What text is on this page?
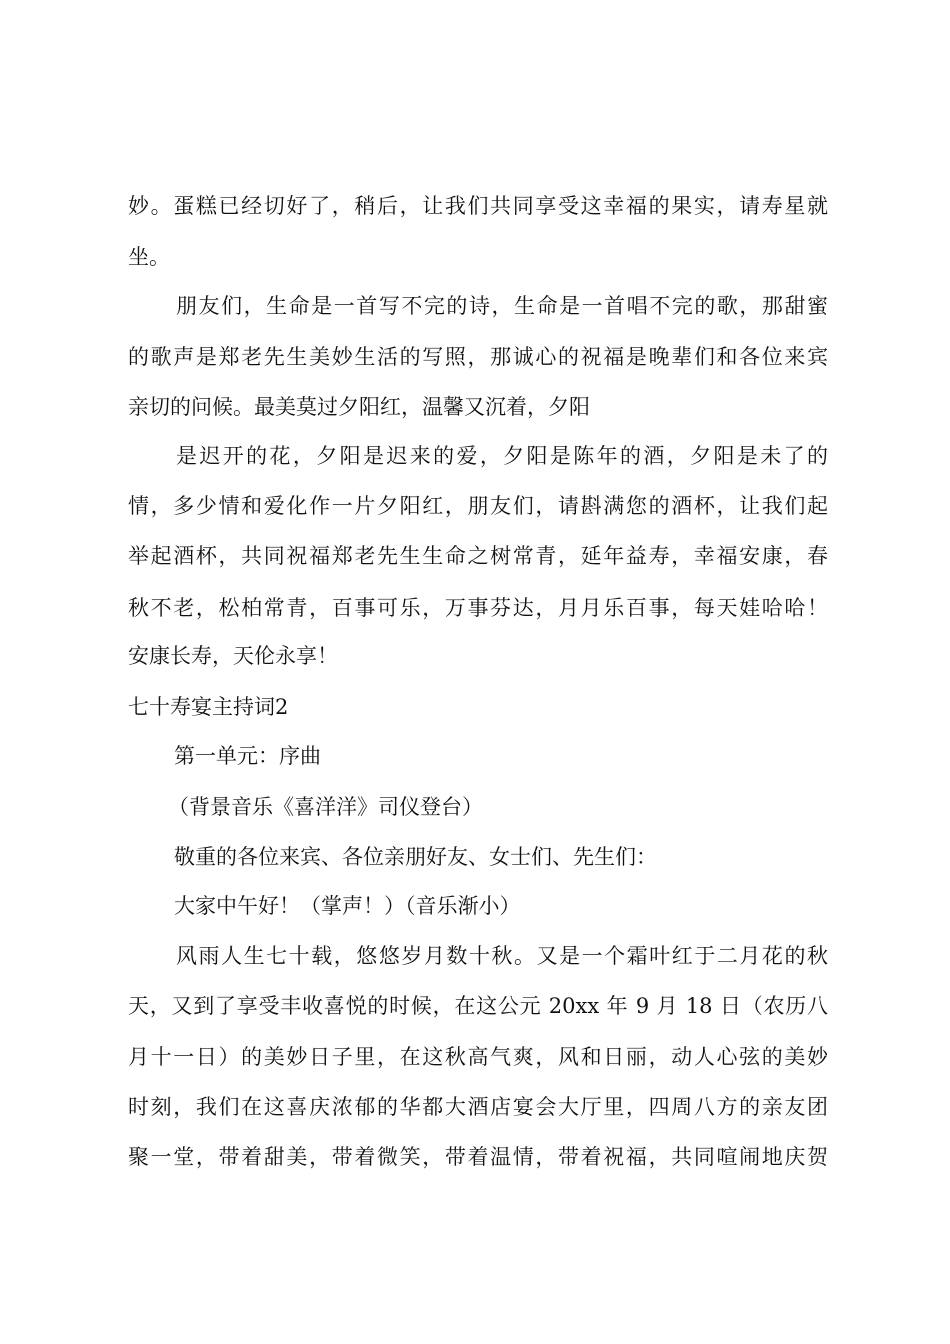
妙。蛋糕已经切好了，稍后，让我们共同享受这幸福的果实，请寿星就
坐。
朋友们，生命是一首写不完的诗，生命是一首唱不完的歌，那甜蜜
的歌声是郑老先生美妙生活的写照，那诚心的祝福是晚辈们和各位来宾
亲切的问候。最美莫过夕阳红，温馨又沉着，夕阳
是迟开的花，夕阳是迟来的爱，夕阳是陈年的酒，夕阳是未了的
情，多少情和爱化作一片夕阳红，朋友们，请斟满您的酒杯，让我们起
举起酒杯，共同祝福郑老先生生命之树常青，延年益寿，幸福安康，春
秋不老，松柏常青，百事可乐，万事芬达，月月乐百事，每天娃哈哈！
安康长寿，天伦永享！
七十寿宴主持词2
第一单元：序曲
（背景音乐《喜洋洋》司仪登台）
敬重的各位来宾、各位亲朋好友、女士们、先生们：
大家中午好！（掌声！）（音乐渐小）
风雨人生七十载，悠悠岁月数十秋。又是一个霜叶红于二月花的秋
天，又到了享受丰收喜悦的时候，在这公元 20xx 年 9 月 18 日（农历八
月十一日）的美妙日子里，在这秋高气爽，风和日丽，动人心弦的美妙
时刻，我们在这喜庆浓郁的华都大酒店宴会大厅里，四周八方的亲友团
聚一堂，带着甜美，带着微笑，带着温情，带着祝福，共同喧闹地庆贺
